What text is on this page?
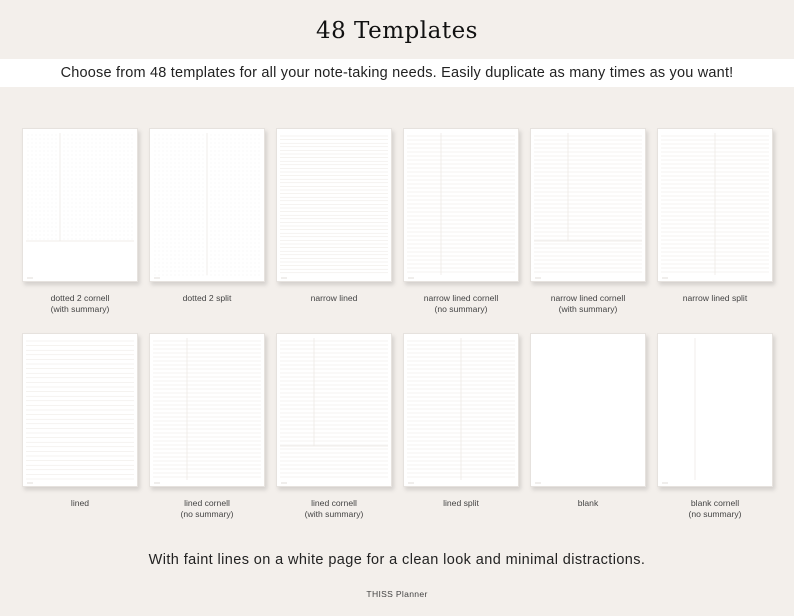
48 Templates
Choose from 48 templates for all your note-taking needs. Easily duplicate as many times as you want!
dotted 2 cornell
(with summary)
dotted 2 split	narrow lined	narrow lined cornell
(no summary)
narrow lined cornell
(with summary)
narrow lined split
lined	lined cornell
(no summary)
lined cornell
(with summary)
lined split	blank	blank cornell
(no summary)
With faint lines on a white page for a clean look and minimal distractions.
THISS Planner
